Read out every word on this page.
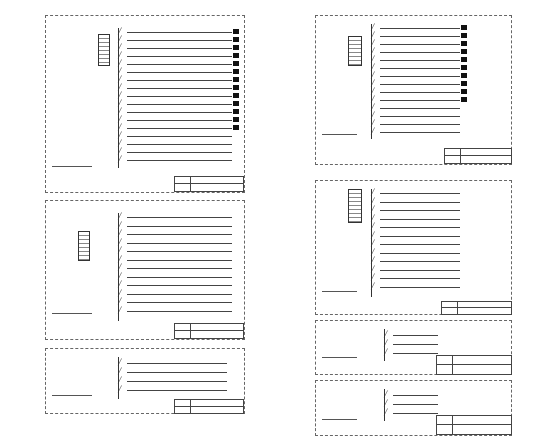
╱
╱
╱
╱
╱
╱
╱
╱
╱
╱
╱
╱
╱
╱
╱
╱
╱
╱
╱
╱
╱
╱
╱
╱
╱
╱
╱
╱
╱
╱
╱
╱
╱
╱
╱
╱
╱
╱
╱
╱
╱
╱
╱
╱
╱
╱
╱
╱
╱
╱
╱
╱
╱
╱
╱
╱
╱
╱
╱
╱
╱
╱
╱
╱
╱
